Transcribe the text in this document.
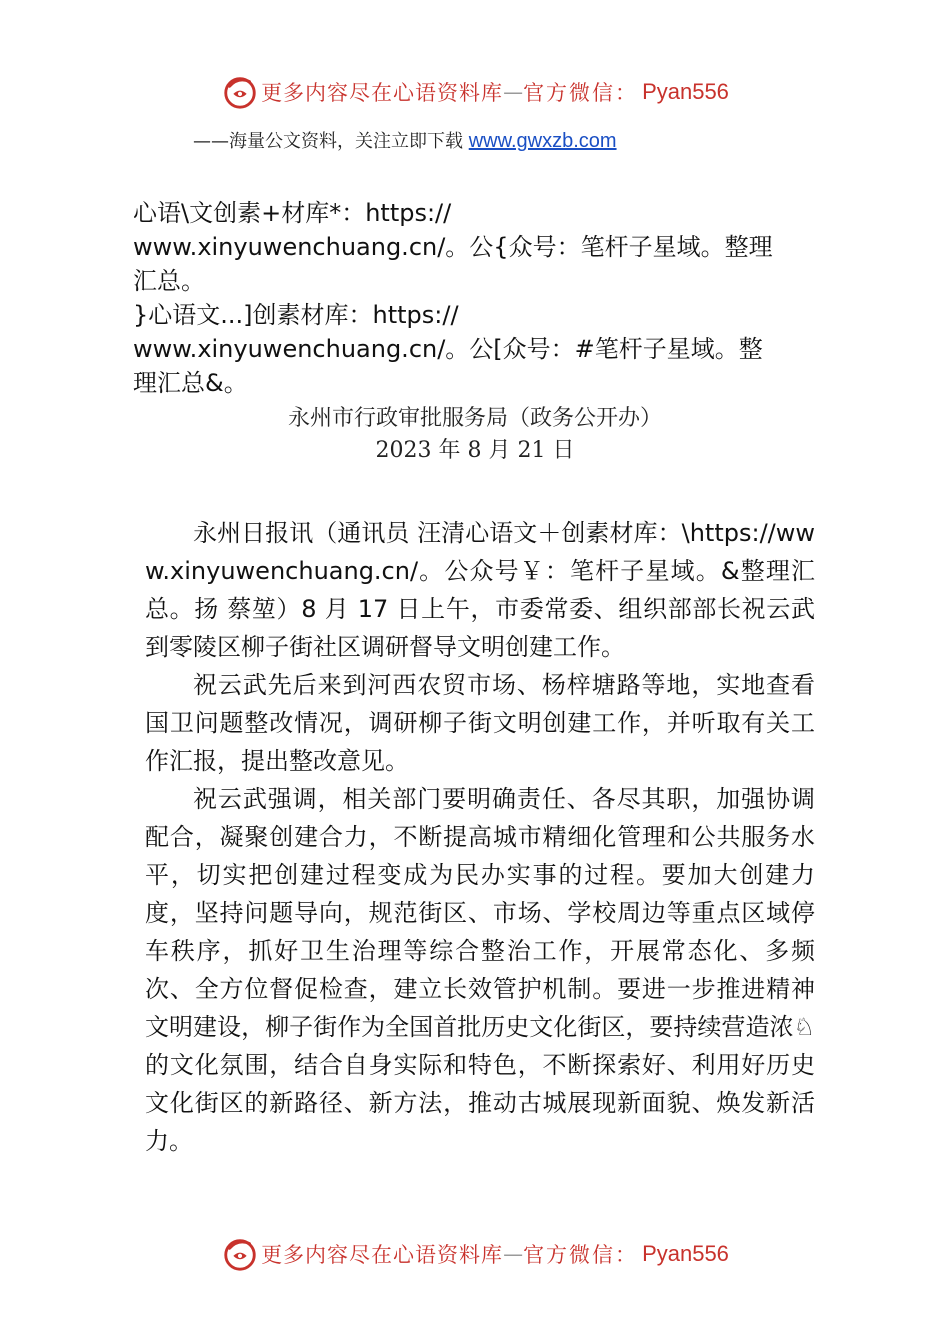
更多内容尽在心语资料库 — 官方微信： Pyan556
——海量公文资料，关注立即下载 www.gwxzb.com

心语\文创素+材库*：https://

www.xinyuwenchuang.cn/。公{众号：笔杆子星域。整理

汇总。

}心语文...]创素材库：https://

www.xinyuwenchuang.cn/。公[众号：#笔杆子星域。整

理汇总&。

永州市行政审批服务局（政务公开办）
2023 年 8 月 21 日

永州日报讯（通讯员 汪清心语文＋创素材库：\https://www.xinyuwenchuang.cn/。公众号￥：笔杆子星域。&整理汇总。扬 蔡堃）8 月 17 日上午，市委常委、组织部部长祝云武到零陵区柳子街社区调研督导文明创建工作。

祝云武先后来到河西农贸市场、杨梓塘路等地，实地查看国卫问题整改情况，调研柳子街文明创建工作，并听取有关工作汇报，提出整改意见。

祝云武强调，相关部门要明确责任、各尽其职，加强协调配合，凝聚创建合力，不断提高城市精细化管理和公共服务水平，切实把创建过程变成为民办实事的过程。要加大创建力度，坚持问题导向，规范街区、市场、学校周边等重点区域停车秩序，抓好卫生治理等综合整治工作，开展常态化、多频次、全方位督促检查，建立长效管护机制。要进一步推进精神文明建设，柳子街作为全国首批历史文化街区，要持续营造浓♘的文化氛围，结合自身实际和特色，不断探索好、利用好历史文化街区的新路径、新方法，推动古城展现新面貌、焕发新活力。

更多内容尽在心语资料库 — 官方微信： Pyan556
